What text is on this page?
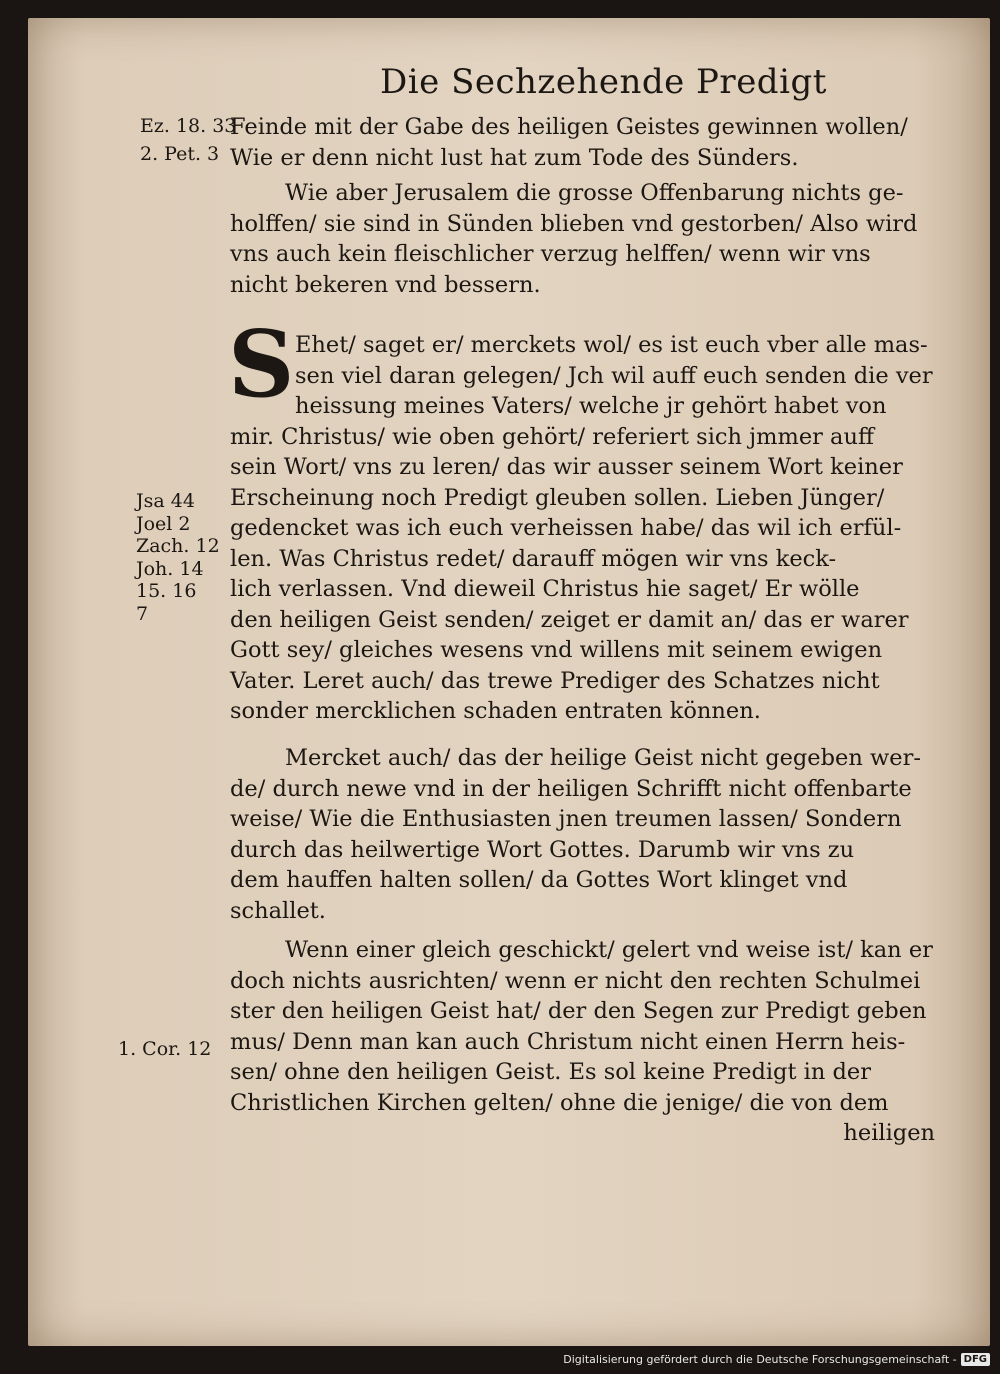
Die Sechzehende Predigt
Ez. 18. 33
2. Pet. 3
Jsa 44
Joel 2
Zach. 12
Joh. 14
15. 16
7
1. Cor. 12
Feinde mit der Gabe des heiligen Geistes gewinnen wollen/
Wie er denn nicht lust hat zum Tode des Sünders.
Wie aber Jerusalem die grosse Offenbarung nichts ge-
holffen/ sie sind in Sünden blieben vnd gestorben/ Also wird
vns auch kein fleischlicher verzug helffen/ wenn wir vns
nicht bekeren vnd bessern.
S Ehet/ saget er/ merckets wol/ es ist euch vber alle mas-
sen viel daran gelegen/ Jch wil auff euch senden die ver
heissung meines Vaters/ welche jr gehört habet von
mir. Christus/ wie oben gehört/ referiert sich jmmer auff
sein Wort/ vns zu leren/ das wir ausser seinem Wort keiner
Erscheinung noch Predigt gleuben sollen. Lieben Jünger/
gedencket was ich euch verheissen habe/ das wil ich erfül-
len. Was Christus redet/ darauff mögen wir vns keck-
lich verlassen. Vnd dieweil Christus hie saget/ Er wölle
den heiligen Geist senden/ zeiget er damit an/ das er warer
Gott sey/ gleiches wesens vnd willens mit seinem ewigen
Vater. Leret auch/ das trewe Prediger des Schatzes nicht
sonder mercklichen schaden entraten können.
Mercket auch/ das der heilige Geist nicht gegeben wer-
de/ durch newe vnd in der heiligen Schrifft nicht offenbarte
weise/ Wie die Enthusiasten jnen treumen lassen/ Sondern
durch das heilwertige Wort Gottes. Darumb wir vns zu
dem hauffen halten sollen/ da Gottes Wort klinget vnd
schallet.
Wenn einer gleich geschickt/ gelert vnd weise ist/ kan er
doch nichts ausrichten/ wenn er nicht den rechten Schulmei
ster den heiligen Geist hat/ der den Segen zur Predigt geben
mus/ Denn man kan auch Christum nicht einen Herrn heis-
sen/ ohne den heiligen Geist. Es sol keine Predigt in der
Christlichen Kirchen gelten/ ohne die jenige/ die von dem
heiligen
Digitalisierung gefördert durch die Deutsche Forschungsgemeinschaft - DFG
